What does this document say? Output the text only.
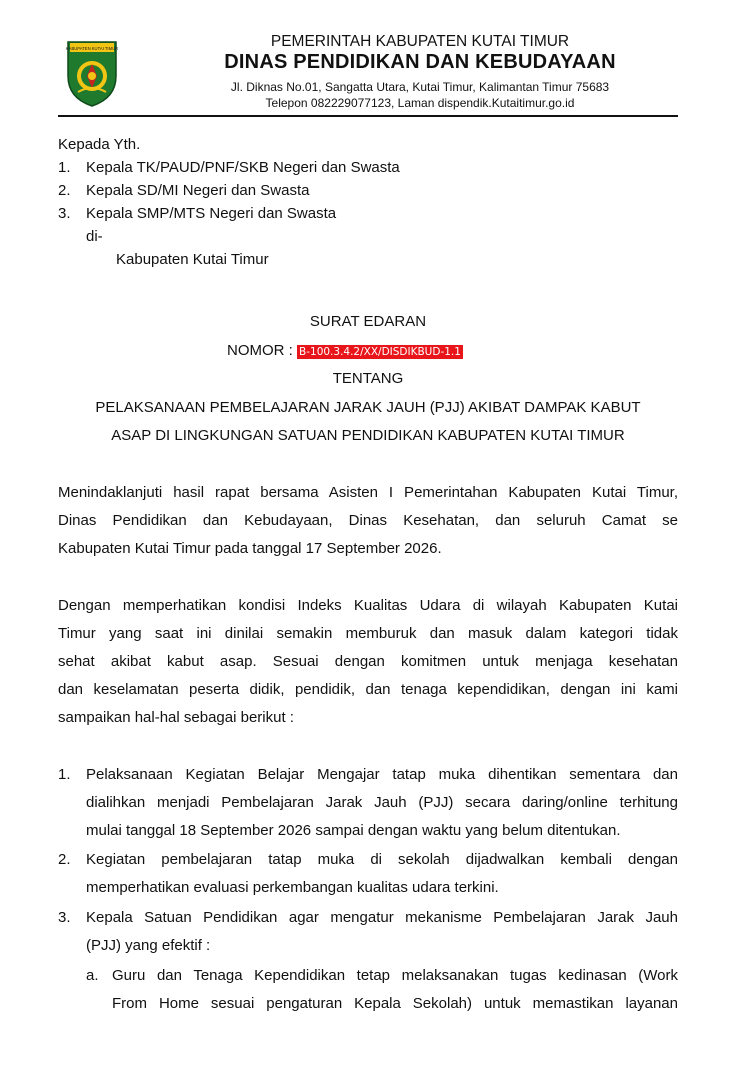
KABUPATEN KUTAI TIMUR	PEMERINTAH KABUPATEN KUTAI TIMUR
DINAS PENDIDIKAN DAN KEBUDAYAAN
Jl. Diknas No.01, Sangatta Utara, Kutai Timur, Kalimantan Timur 75683
Telepon 082229077123, Laman dispendik.Kutaitimur.go.id
Kepada Yth.
1. Kepala TK/PAUD/PNF/SKB Negeri dan Swasta
2. Kepala SD/MI Negeri dan Swasta
3. Kepala SMP/MTS Negeri dan Swasta
di-
Kabupaten Kutai Timur
SURAT EDARAN
NOMOR : B-100.3.4.2/XX/DISDIKBUD-1.1
TENTANG
PELAKSANAAN PEMBELAJARAN JARAK JAUH (PJJ) AKIBAT DAMPAK KABUT
ASAP DI LINGKUNGAN SATUAN PENDIDIKAN KABUPATEN KUTAI TIMUR
Menindaklanjuti hasil rapat bersama Asisten I Pemerintahan Kabupaten Kutai Timur,
Dinas Pendidikan dan Kebudayaan, Dinas Kesehatan, dan seluruh Camat se
Kabupaten Kutai Timur pada tanggal 17 September 2026.
Dengan memperhatikan kondisi Indeks Kualitas Udara di wilayah Kabupaten Kutai
Timur yang saat ini dinilai semakin memburuk dan masuk dalam kategori tidak
sehat akibat kabut asap. Sesuai dengan komitmen untuk menjaga kesehatan
dan keselamatan peserta didik, pendidik, dan tenaga kependidikan, dengan ini kami
sampaikan hal-hal sebagai berikut :
1. Pelaksanaan Kegiatan Belajar Mengajar tatap muka dihentikan sementara dan
dialihkan menjadi Pembelajaran Jarak Jauh (PJJ) secara daring/online terhitung
mulai tanggal 18 September 2026 sampai dengan waktu yang belum ditentukan.
2. Kegiatan pembelajaran tatap muka di sekolah dijadwalkan kembali dengan
memperhatikan evaluasi perkembangan kualitas udara terkini.
3. Kepala Satuan Pendidikan agar mengatur mekanisme Pembelajaran Jarak Jauh
(PJJ) yang efektif :
a. Guru dan Tenaga Kependidikan tetap melaksanakan tugas kedinasan (Work
From Home sesuai pengaturan Kepala Sekolah) untuk memastikan layanan
